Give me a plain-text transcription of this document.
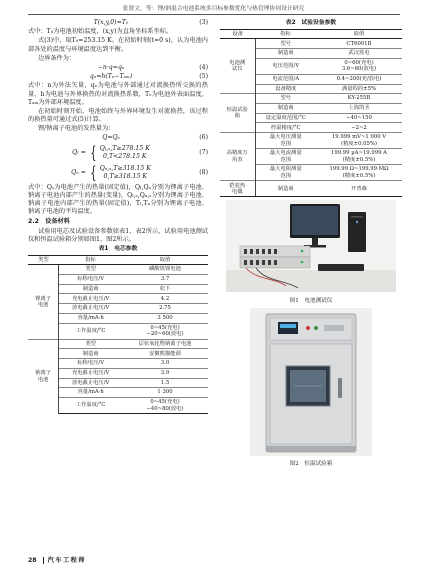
张贤文，等：锂/钠混合电池系统多目标参数优化与热管理协同设计研究
T(x,y,0)=T₀	(3)

式中：T₀为电池初始温度，(x,y)为直角坐标系坐标。

式(3)中，取T₀=253.15 K。在初始时刻(t=0 s)，认为电池内部各处的温度与环境温度达到平衡。

边界条件为：

−n·q=qₑ	(4)
qₑ=h(Tₑ−Tₐₘ)	(5)

式中：n为外法矢量，qₑ为电池与外部通过对流换热所交换的热量，h为电池与外界换热的对流换热系数，Tₑ为电池外表面温度，Tₐₘ为外部环境温度。

在初始时刻开始，电池始终与外界环境发生对流换热，该过程的换热量可通过式(5)计算。

锂/钠离子电池的发热量为：

Q=Qₛ	(6)
Qₗ = { Qₗ,ₛ,T≥278.15 K
0,T<278.15 K
(7)
Qₙ = { Qₙ,ₛ,T≥318.15 K
0,T≥318.15 K
(8)

式中：Qₛ为电池产生的热量(固定值)，Qₗ,Qₙ分别为锂离子电池、钠离子电池内部产生的热量(变量)，Qₗ,ₛ,Qₙ,ₛ分别为锂离子电池、钠离子电池内部产生的热量(固定值)，Tₗ,Tₙ分别为锂离子电池、钠离子电池的平均温度。

2.2　设备材料

试验用电芯及试验设备参数如表1、表2所示，试验用电池测试仪和恒温试验箱分别如图1、图2所示。

表1　电芯参数
类型	指标	取值
锂离子
电池	类型	磷酸铁锂电池
	标称电压/V	3.7
	制造商	松下
	充电截止电压/V	4.2
	放电截止电压/V	2.75
	容量/mA·h	3 500
	工作温度/°C	0~45(充电)
−20~60(放电)
钠离子
电池	类型	层状氧化物钠离子电池
	制造商	安徽熊猫能源
	标称电压/V	3.0
	充电截止电压/V	3.9
	放电截止电压/V	1.5
	容量/mA·h	1 300
	工作温度/°C	0~45(充电)
−40~80(放电)
表2　试验设备参数
设备	指标	取值
电池测
试仪	型号	CT6001B
	制造商	武汉蓝电
	电压范围/V	0~60(充电)
3.6~60(放电)
	电流范围/A	0.4~200(充/放电)
	设备精度	满量程的±5%
恒温试验
箱	型号	KY-255B
	制造商	上海凯圣
	设定温度范围/°C	−40~150
	控温精度/°C	−2~2
高精度万
用表	最大电压测量
范围	19.999 mV~1 000 V
(精度±0.05%)
	最大电流测量
范围	199.99 µA~19.999 A
(精度±0.5%)
	最大电阻测量
范围	199.99 Ω~199.99 MΩ
(精度±0.5%)
铠装热
电偶	制造商	开普森
图1　电池测试仪
图2　恒温试验箱
28 汽车工程师
